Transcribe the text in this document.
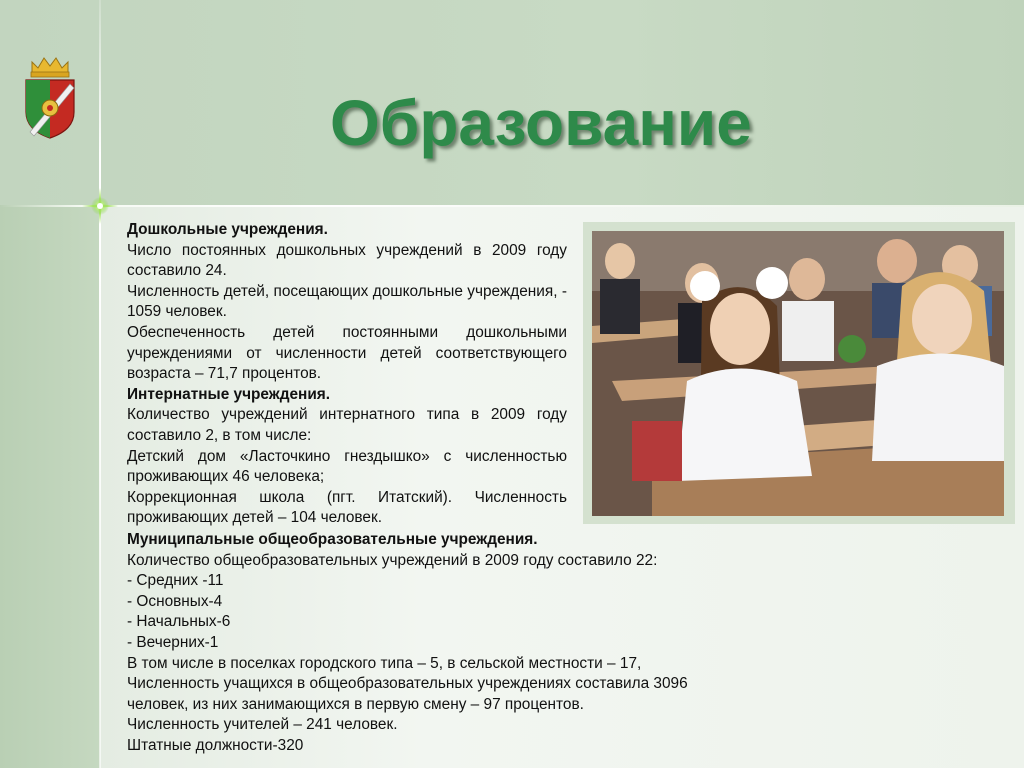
Образование
Дошкольные учреждения.
Число постоянных дошкольных учреждений в 2009 году составило 24.
Численность детей, посещающих дошкольные учреждения, - 1059 человек.
Обеспеченность детей постоянными дошкольными учреждениями от численности детей соответствующего возраста – 71,7 процентов.
Интернатные учреждения.
Количество учреждений интернатного типа в 2009 году составило 2, в том числе:
Детский дом «Ласточкино гнездышко» с численностью проживающих 46 человека;
Коррекционная школа (пгт. Итатский). Численность проживающих детей – 104 человек.
Муниципальные общеобразовательные учреждения.
Количество общеобразовательных учреждений в 2009 году составило 22:
- Средних -11
- Основных-4
- Начальных-6
- Вечерних-1
В том числе в поселках городского типа – 5, в сельской местности – 17,
Численность учащихся в общеобразовательных учреждениях составила 3096
человек, из них занимающихся в первую смену – 97 процентов.
Численность учителей – 241 человек.
Штатные должности-320
